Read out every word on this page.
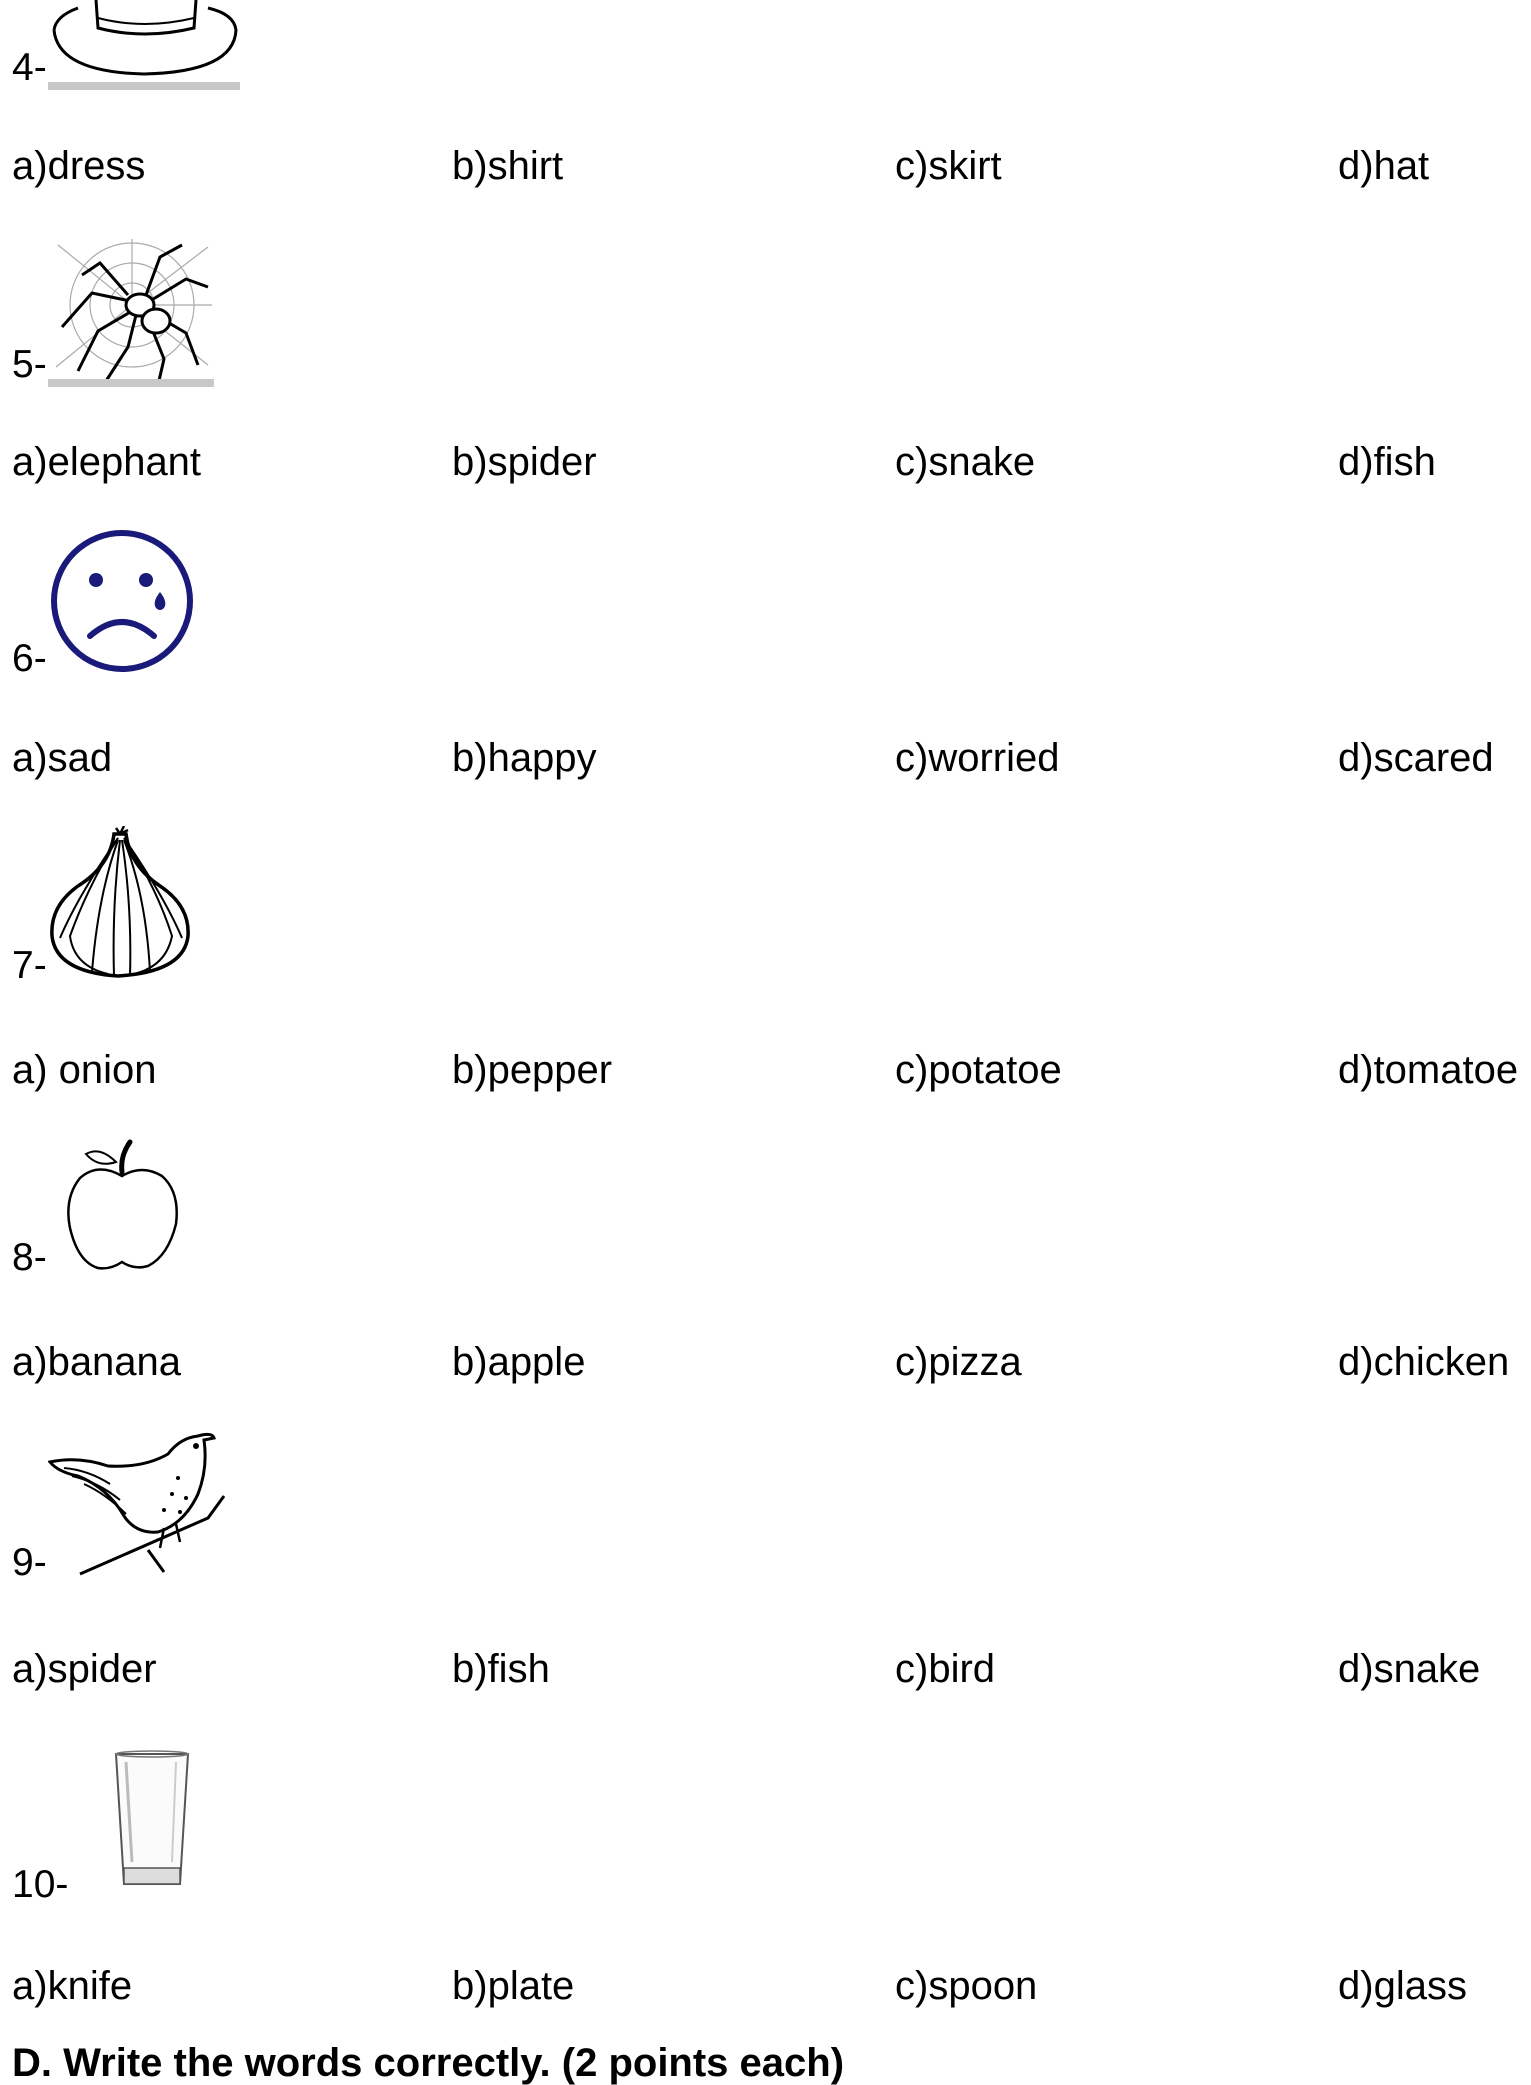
4-
a)dress	b)shirt	c)skirt	d)hat
5-
a)elephant	b)spider	c)snake	d)fish
6-
a)sad	b)happy	c)worried	d)scared
7-
a) onion	b)pepper	c)potatoe	d)tomatoe
8-
a)banana	b)apple	c)pizza	d)chicken
9-
a)spider	b)fish	c)bird	d)snake
10-
a)knife	b)plate	c)spoon	d)glass
D. Write the words correctly. (2 points each)
